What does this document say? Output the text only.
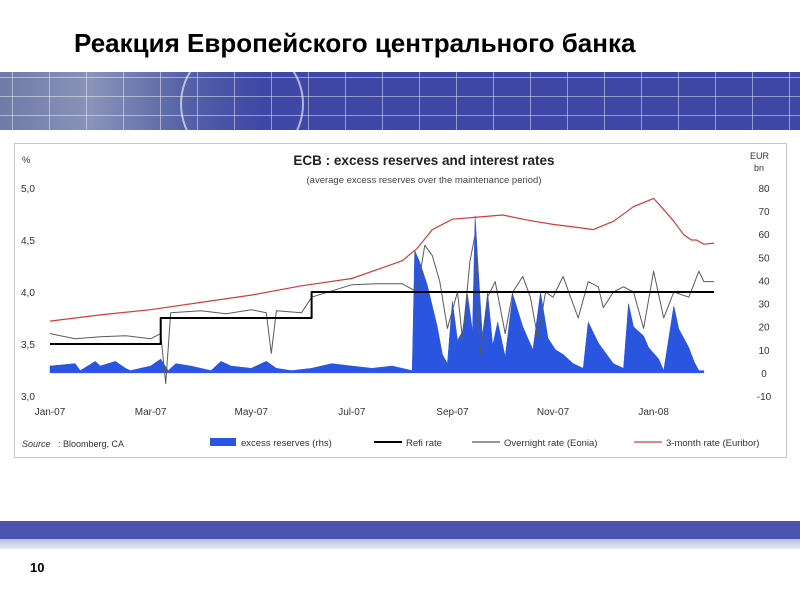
Реакция Европейского центрального банка
ECB : excess reserves and interest rates
(average excess reserves over the maintenance period)
%	EUR
bn
5,0
4,5
4,0
3,5
3,0
80
70
60
50
40
30
20
10
0
-10
Jan-07	Mar-07	May-07	Jul-07	Sep-07	Nov-07	Jan-08
Source : Bloomberg, CA	excess reserves (rhs)	Refi rate	Overnight rate (Eonia)	3-month rate (Euribor)
10
